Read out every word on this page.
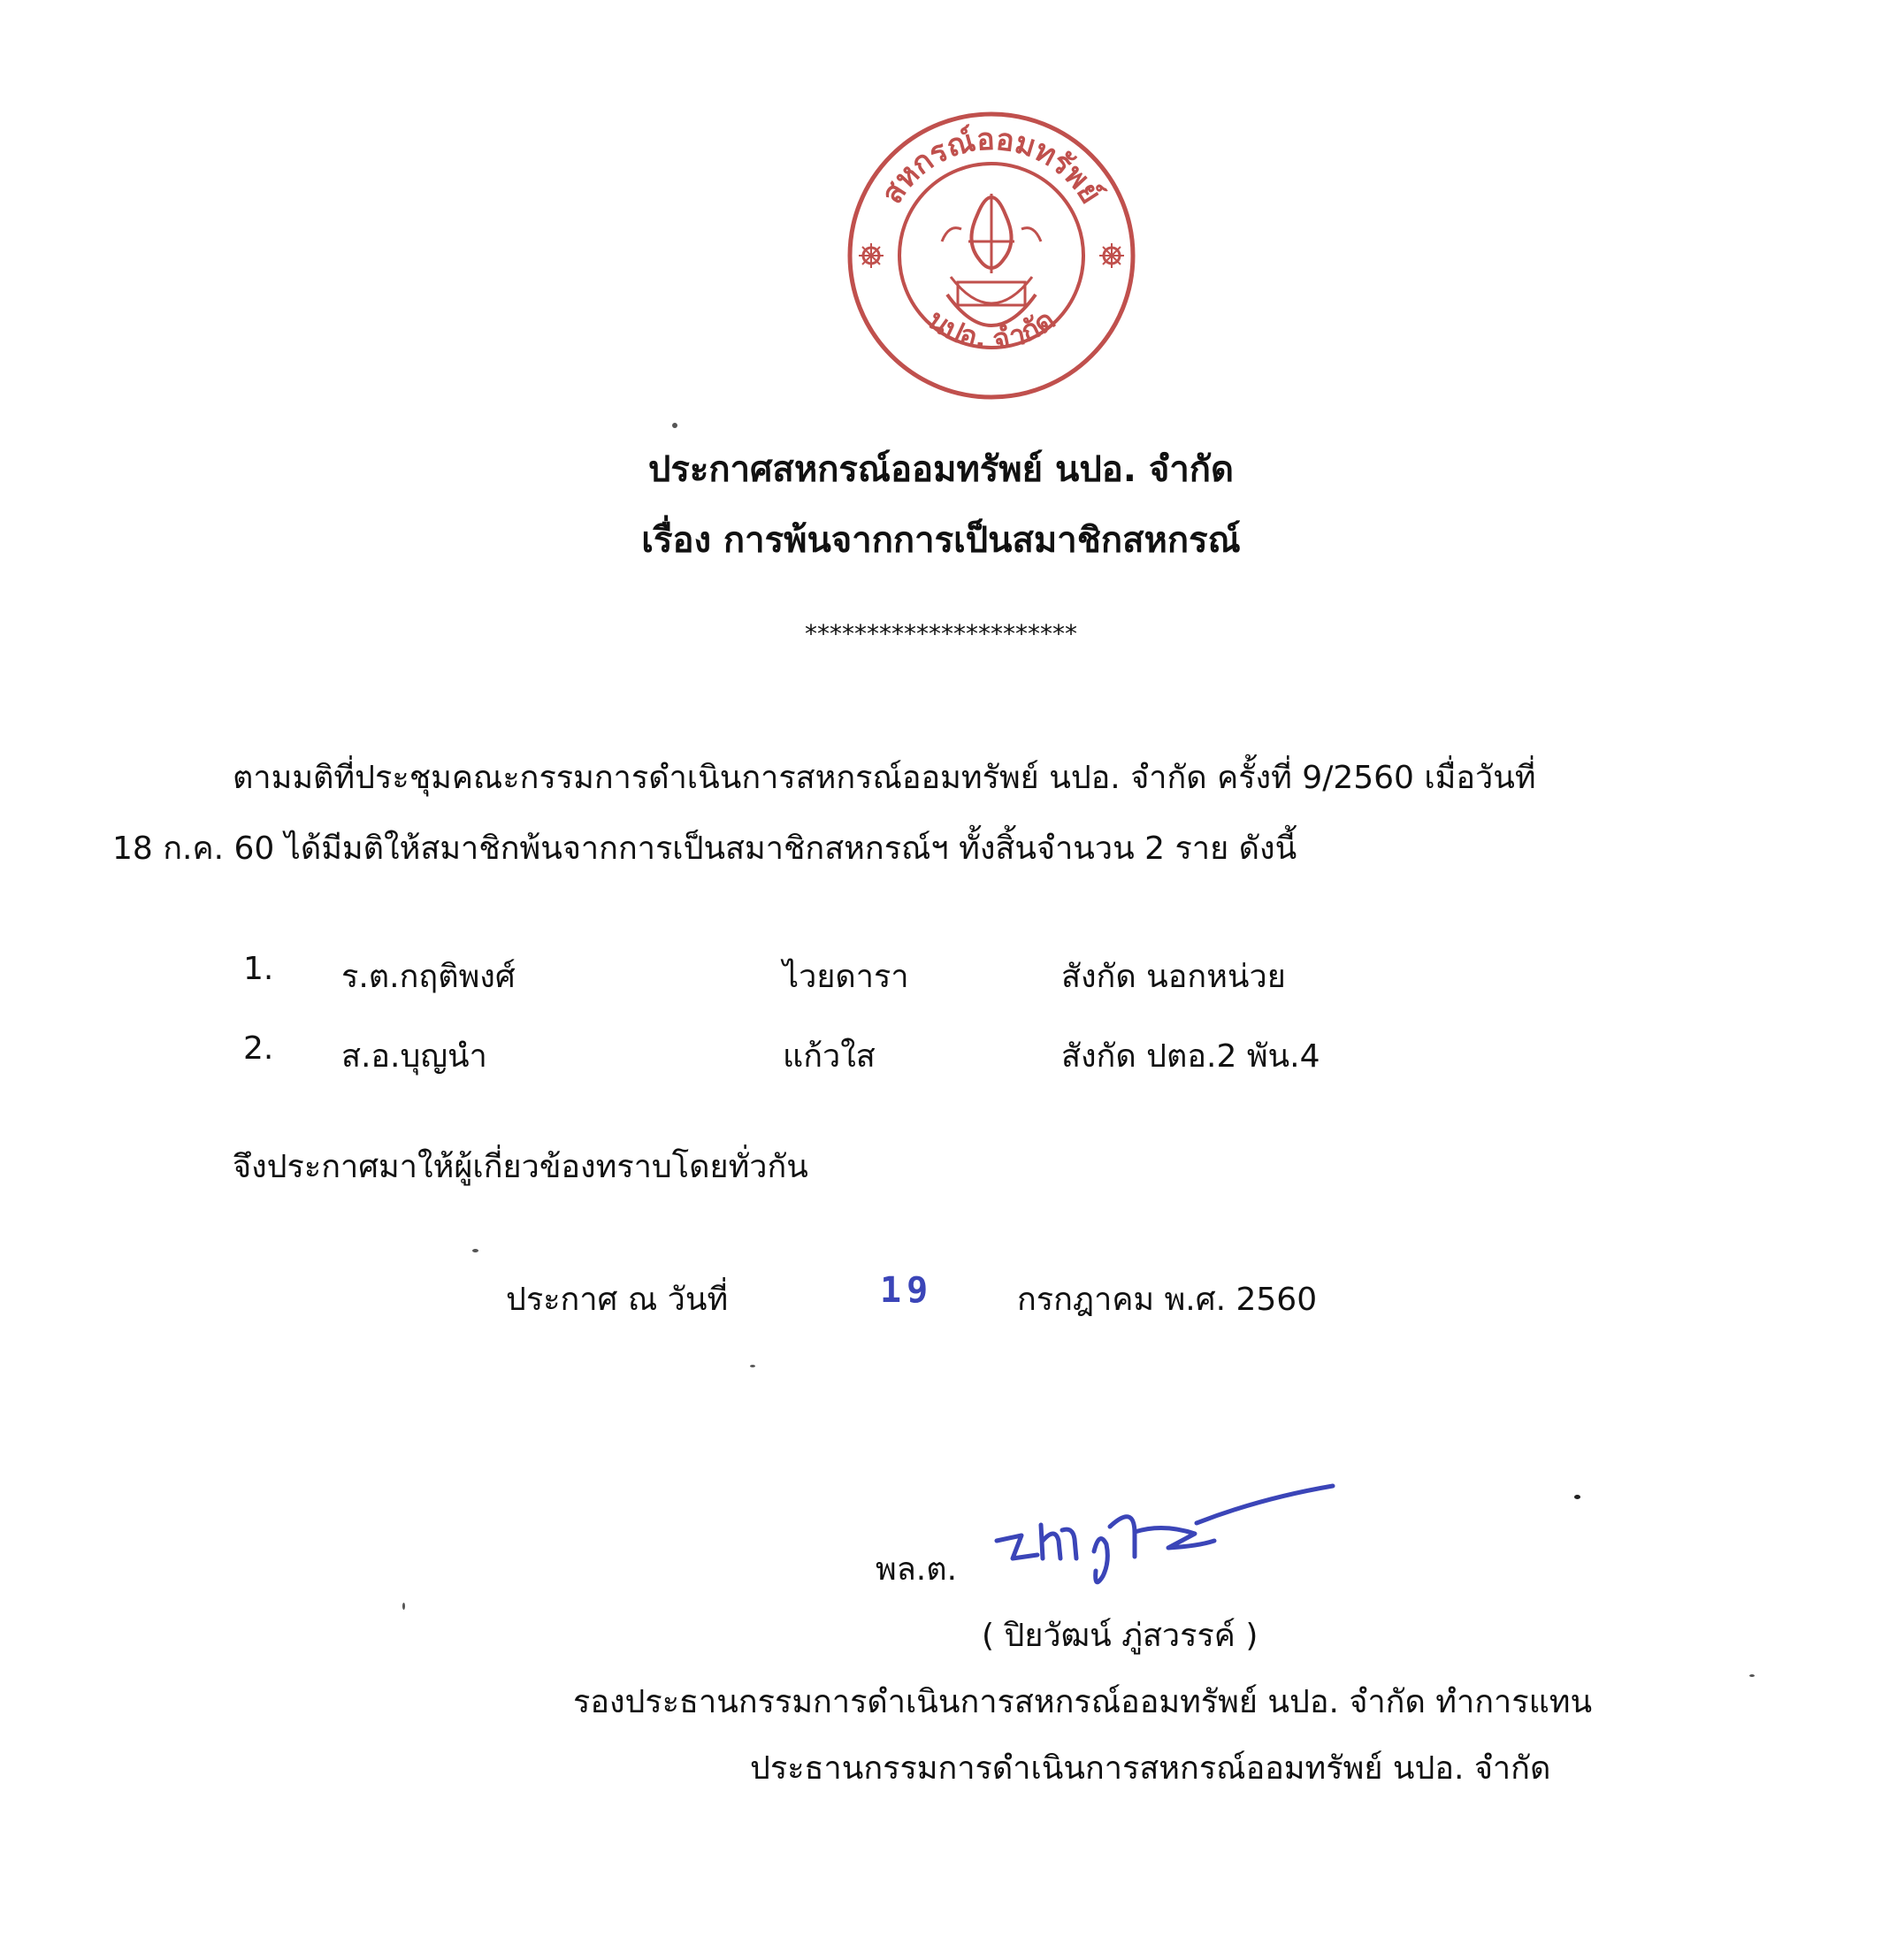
สหกรณ์ออมทรัพย์
นปอ. จำกัด
ประกาศสหกรณ์ออมทรัพย์ นปอ. จำกัด
เรื่อง การพ้นจากการเป็นสมาชิกสหกรณ์
**********************
ตามมติที่ประชุมคณะกรรมการดำเนินการสหกรณ์ออมทรัพย์ นปอ. จำกัด ครั้งที่ 9/2560 เมื่อวันที่
18 ก.ค. 60 ได้มีมติให้สมาชิกพ้นจากการเป็นสมาชิกสหกรณ์ฯ ทั้งสิ้นจำนวน 2 ราย ดังนี้
1. ร.ต.กฤติพงศ์	ไวยดารา	สังกัด นอกหน่วย
2. ส.อ.บุญนำ	แก้วใส	สังกัด ปตอ.2 พัน.4
จึงประกาศมาให้ผู้เกี่ยวข้องทราบโดยทั่วกัน
ประกาศ ณ วันที่	19	กรกฎาคม พ.ศ. 2560
พล.ต.
( ปิยวัฒน์ ภู่สวรรค์ )
รองประธานกรรมการดำเนินการสหกรณ์ออมทรัพย์ นปอ. จำกัด ทำการแทน
ประธานกรรมการดำเนินการสหกรณ์ออมทรัพย์ นปอ. จำกัด
